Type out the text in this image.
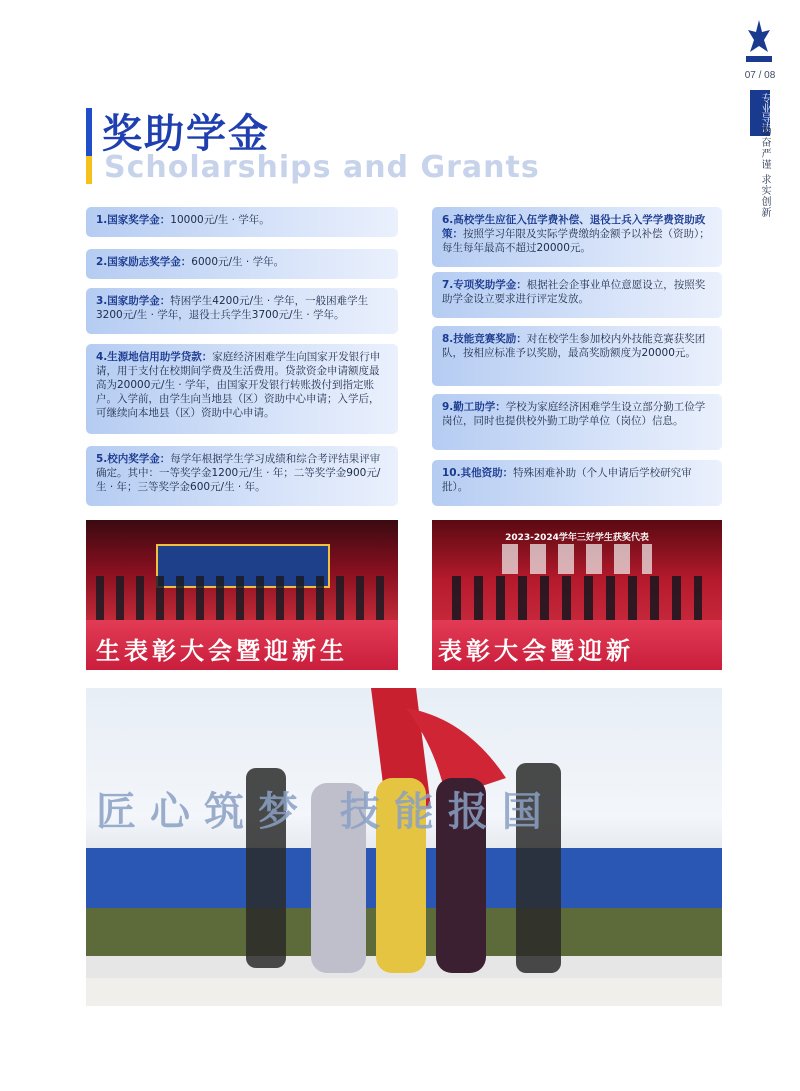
07 / 08
专业导读
勤奋严谨 求实创新
奖助学金
Scholarships and Grants
1.国家奖学金：10000元/生 · 学年。
2.国家励志奖学金：6000元/生 · 学年。
3.国家助学金：特困学生4200元/生 · 学年，一般困难学生3200元/生 · 学年，退役士兵学生3700元/生 · 学年。
4.生源地信用助学贷款：家庭经济困难学生向国家开发银行申请，用于支付在校期间学费及生活费用。贷款资金申请额度最高为20000元/生 · 学年，由国家开发银行转账拨付到指定账户。入学前，由学生向当地县（区）资助中心申请；入学后，可继续向本地县（区）资助中心申请。
5.校内奖学金：每学年根据学生学习成绩和综合考评结果评审确定。其中：一等奖学金1200元/生 · 年；二等奖学金900元/生 · 年；三等奖学金600元/生 · 年。
6.高校学生应征入伍学费补偿、退役士兵入学学费资助政策：按照学习年限及实际学费缴纳金额予以补偿（资助）；每生每年最高不超过20000元。
7.专项奖助学金：根据社会企事业单位意愿设立，按照奖助学金设立要求进行评定发放。
8.技能竞赛奖励：对在校学生参加校内外技能竞赛获奖团队，按相应标准予以奖励，最高奖励额度为20000元。
9.勤工助学：学校为家庭经济困难学生设立部分勤工俭学岗位，同时也提供校外勤工助学单位（岗位）信息。
10.其他资助：特殊困难补助（个人申请后学校研究审批）。
生表彰大会暨迎新生
2023-2024学年三好学生获奖代表
表彰大会暨迎新
匠心筑梦 技能报国
